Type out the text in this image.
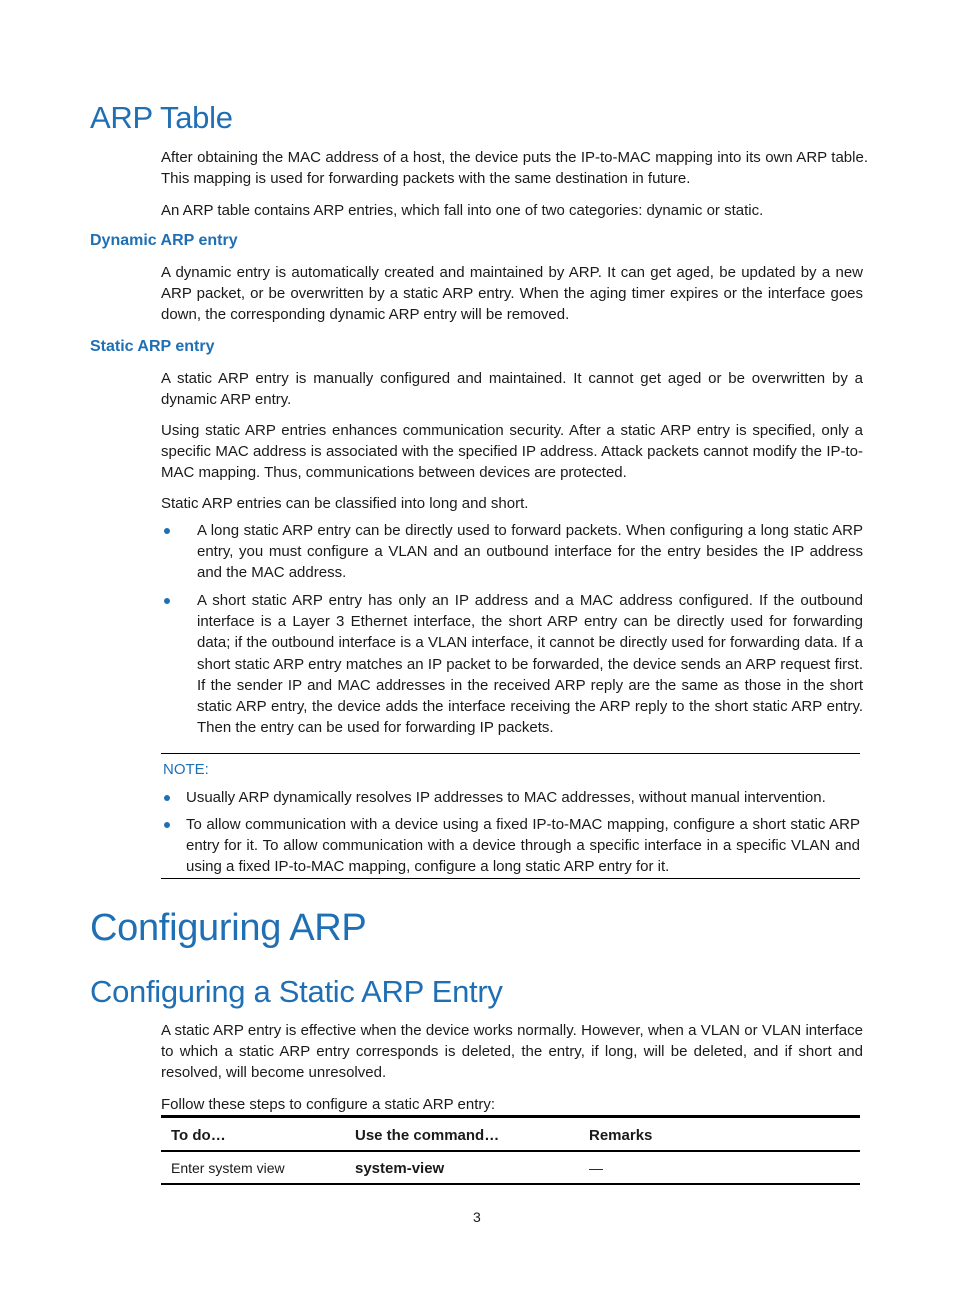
ARP Table
After obtaining the MAC address of a host, the device puts the IP-to-MAC mapping into its own ARP table. This mapping is used for forwarding packets with the same destination in future.
An ARP table contains ARP entries, which fall into one of two categories: dynamic or static.
Dynamic ARP entry
A dynamic entry is automatically created and maintained by ARP. It can get aged, be updated by a new ARP packet, or be overwritten by a static ARP entry. When the aging timer expires or the interface goes down, the corresponding dynamic ARP entry will be removed.
Static ARP entry
A static ARP entry is manually configured and maintained. It cannot get aged or be overwritten by a dynamic ARP entry.
Using static ARP entries enhances communication security. After a static ARP entry is specified, only a specific MAC address is associated with the specified IP address. Attack packets cannot modify the IP-to-MAC mapping. Thus, communications between devices are protected.
Static ARP entries can be classified into long and short.
A long static ARP entry can be directly used to forward packets. When configuring a long static ARP entry, you must configure a VLAN and an outbound interface for the entry besides the IP address and the MAC address.
A short static ARP entry has only an IP address and a MAC address configured. If the outbound interface is a Layer 3 Ethernet interface, the short ARP entry can be directly used for forwarding data; if the outbound interface is a VLAN interface, it cannot be directly used for forwarding data. If a short static ARP entry matches an IP packet to be forwarded, the device sends an ARP request first. If the sender IP and MAC addresses in the received ARP reply are the same as those in the short static ARP entry, the device adds the interface receiving the ARP reply to the short static ARP entry. Then the entry can be used for forwarding IP packets.
NOTE:
Usually ARP dynamically resolves IP addresses to MAC addresses, without manual intervention.
To allow communication with a device using a fixed IP-to-MAC mapping, configure a short static ARP entry for it. To allow communication with a device through a specific interface in a specific VLAN and using a fixed IP-to-MAC mapping, configure a long static ARP entry for it.
Configuring ARP
Configuring a Static ARP Entry
A static ARP entry is effective when the device works normally. However, when a VLAN or VLAN interface to which a static ARP entry corresponds is deleted, the entry, if long, will be deleted, and if short and resolved, will become unresolved.
Follow these steps to configure a static ARP entry:
To do…	Use the command…	Remarks
Enter system view	system-view	—
3
